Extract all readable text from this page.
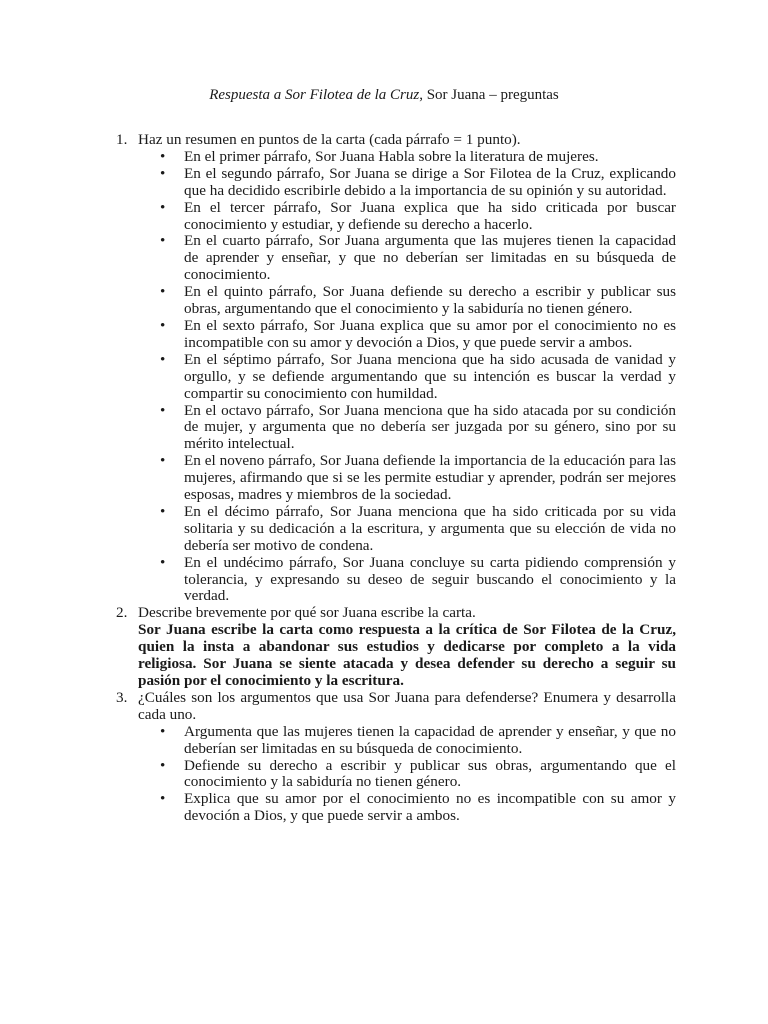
Respuesta a Sor Filotea de la Cruz, Sor Juana – preguntas
1. Haz un resumen en puntos de la carta (cada párrafo = 1 punto).
• En el primer párrafo, Sor Juana Habla sobre la literatura de mujeres.
• En el segundo párrafo, Sor Juana se dirige a Sor Filotea de la Cruz, explicando que ha decidido escribirle debido a la importancia de su opinión y su autoridad.
• En el tercer párrafo, Sor Juana explica que ha sido criticada por buscar conocimiento y estudiar, y defiende su derecho a hacerlo.
• En el cuarto párrafo, Sor Juana argumenta que las mujeres tienen la capacidad de aprender y enseñar, y que no deberían ser limitadas en su búsqueda de conocimiento.
• En el quinto párrafo, Sor Juana defiende su derecho a escribir y publicar sus obras, argumentando que el conocimiento y la sabiduría no tienen género.
• En el sexto párrafo, Sor Juana explica que su amor por el conocimiento no es incompatible con su amor y devoción a Dios, y que puede servir a ambos.
• En el séptimo párrafo, Sor Juana menciona que ha sido acusada de vanidad y orgullo, y se defiende argumentando que su intención es buscar la verdad y compartir su conocimiento con humildad.
• En el octavo párrafo, Sor Juana menciona que ha sido atacada por su condición de mujer, y argumenta que no debería ser juzgada por su género, sino por su mérito intelectual.
• En el noveno párrafo, Sor Juana defiende la importancia de la educación para las mujeres, afirmando que si se les permite estudiar y aprender, podrán ser mejores esposas, madres y miembros de la sociedad.
• En el décimo párrafo, Sor Juana menciona que ha sido criticada por su vida solitaria y su dedicación a la escritura, y argumenta que su elección de vida no debería ser motivo de condena.
• En el undécimo párrafo, Sor Juana concluye su carta pidiendo comprensión y tolerancia, y expresando su deseo de seguir buscando el conocimiento y la verdad.
2. Describe brevemente por qué sor Juana escribe la carta.
Sor Juana escribe la carta como respuesta a la crítica de Sor Filotea de la Cruz, quien la insta a abandonar sus estudios y dedicarse por completo a la vida religiosa. Sor Juana se siente atacada y desea defender su derecho a seguir su pasión por el conocimiento y la escritura.
3. ¿Cuáles son los argumentos que usa Sor Juana para defenderse? Enumera y desarrolla cada uno.
• Argumenta que las mujeres tienen la capacidad de aprender y enseñar, y que no deberían ser limitadas en su búsqueda de conocimiento.
• Defiende su derecho a escribir y publicar sus obras, argumentando que el conocimiento y la sabiduría no tienen género.
• Explica que su amor por el conocimiento no es incompatible con su amor y devoción a Dios, y que puede servir a ambos.
